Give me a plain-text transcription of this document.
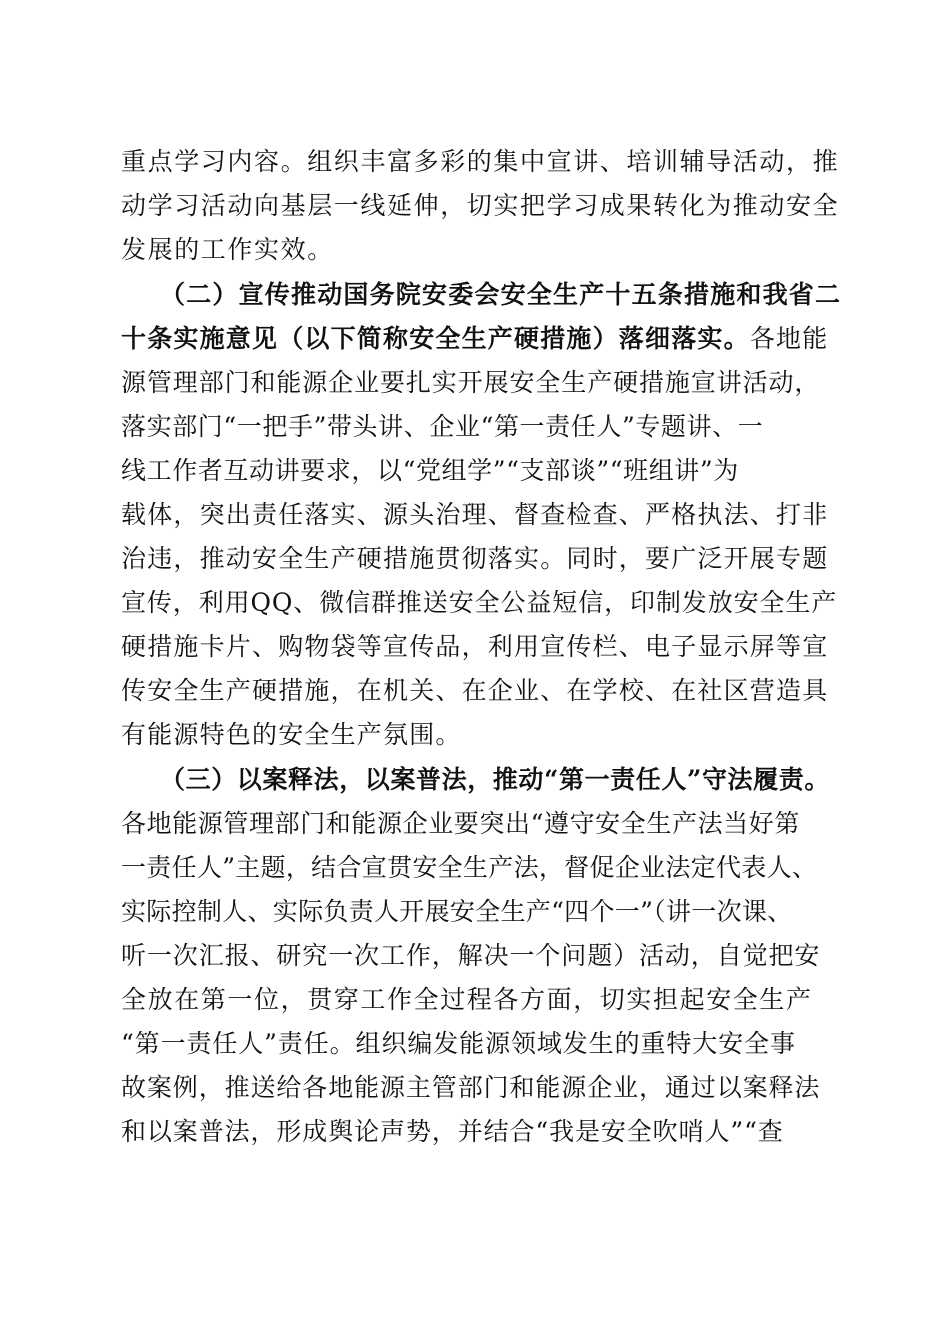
重点学习内容。组织丰富多彩的集中宣讲、培训辅导活动，推
动学习活动向基层一线延伸，切实把学习成果转化为推动安全
发展的工作实效。
（二）宣传推动国务院安委会安全生产十五条措施和我省二
十条实施意见（以下简称安全生产硬措施）落细落实。各地能
源管理部门和能源企业要扎实开展安全生产硬措施宣讲活动，
落实部门“一把手”带头讲、企业“第一责任人”专题讲、一
线工作者互动讲要求，以“党组学”“支部谈”“班组讲”为
载体，突出责任落实、源头治理、督查检查、严格执法、打非
治违，推动安全生产硬措施贯彻落实。同时，要广泛开展专题
宣传，利用QQ、微信群推送安全公益短信，印制发放安全生产
硬措施卡片、购物袋等宣传品，利用宣传栏、电子显示屏等宣
传安全生产硬措施，在机关、在企业、在学校、在社区营造具
有能源特色的安全生产氛围。
（三）以案释法，以案普法，推动“第一责任人”守法履责。
各地能源管理部门和能源企业要突出“遵守安全生产法当好第
一责任人”主题，结合宣贯安全生产法，督促企业法定代表人、
实际控制人、实际负责人开展安全生产“四个一”（讲一次课、
听一次汇报、研究一次工作，解决一个问题）活动，自觉把安
全放在第一位，贯穿工作全过程各方面，切实担起安全生产
“第一责任人”责任。组织编发能源领域发生的重特大安全事
故案例，推送给各地能源主管部门和能源企业，通过以案释法
和以案普法，形成舆论声势，并结合“我是安全吹哨人”“查
